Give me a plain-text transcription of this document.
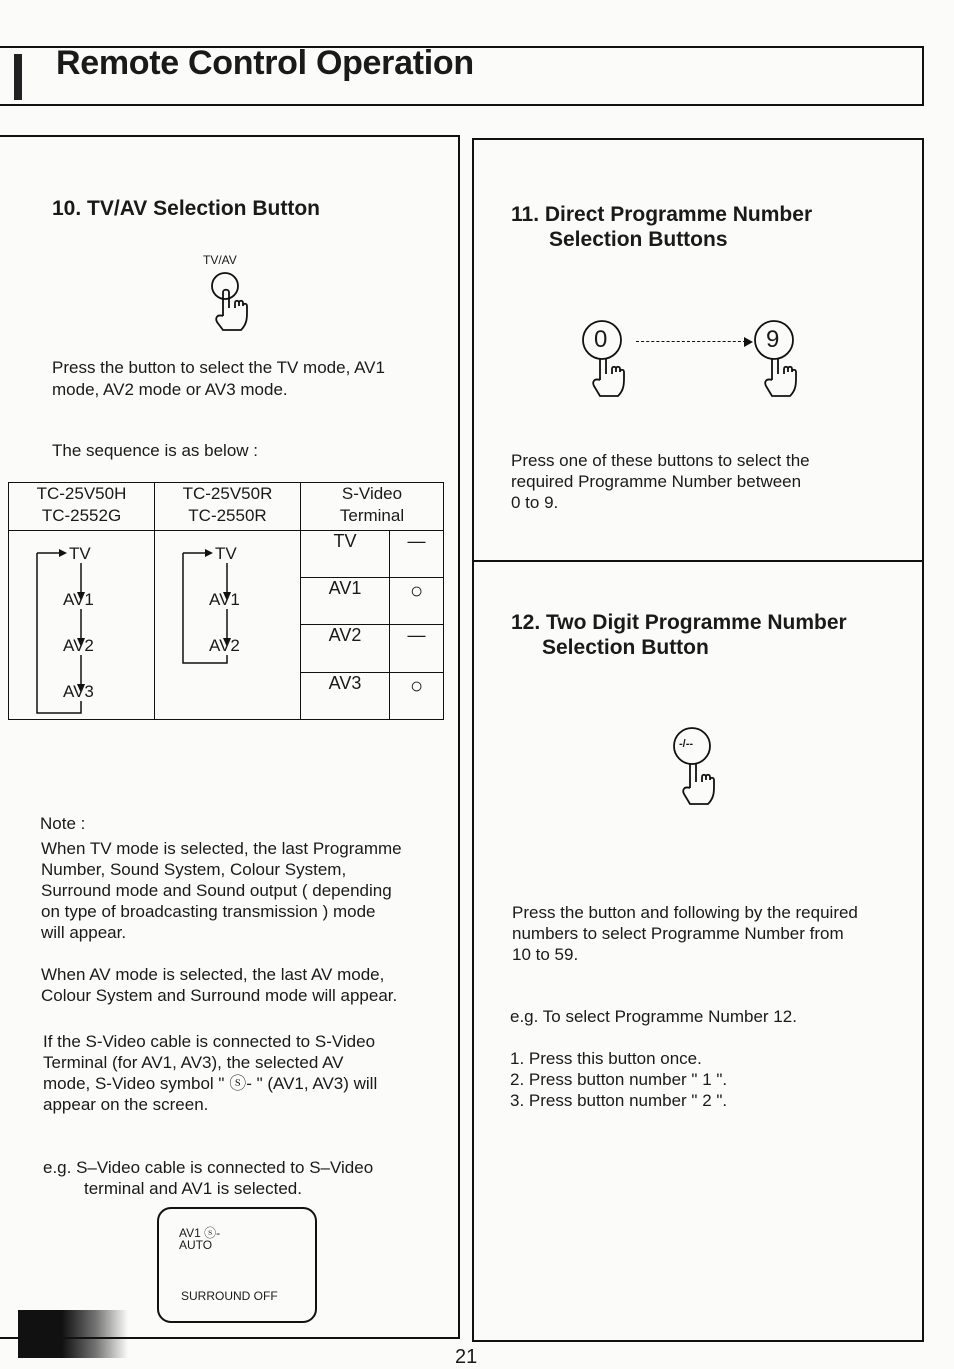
Remote Control Operation
10. TV/AV Selection Button
TV/AV
Press the button to select the TV mode, AV1
mode, AV2 mode or AV3 mode.
The sequence is as below :
TC-25V50H
TC-2552G

TC-25V50R
TC-2550R

S-Video
Terminal

TV
AV1
AV2
AV3

TV
AV1
AV2

TV	—
AV1	○
AV2	—
AV3	○
Note :
When TV mode is selected, the last Programme
Number, Sound System, Colour System,
Surround mode and Sound output ( depending
on type of broadcasting transmission ) mode
will appear.
When AV mode is selected, the last AV mode,
Colour System and Surround mode will appear.
If the S-Video cable is connected to S-Video
Terminal (for AV1, AV3), the selected AV
mode, S-Video symbol " ⓢ- " (AV1, AV3) will
appear on the screen.
e.g. S–Video cable is connected to S–Video
terminal and AV1 is selected.
AV1 ⓢ-
AUTO
SURROUND OFF
11. Direct Programme Number
Selection Buttons
0	9
Press one of these buttons to select the
required Programme Number between
0 to 9.
12. Two Digit Programme Number
Selection Button
-/--
Press the button and following by the required
numbers to select Programme Number from
10 to 59.
e.g. To select Programme Number 12.
1. Press this button once.
2. Press button number " 1 ".
3. Press button number " 2 ".
21
